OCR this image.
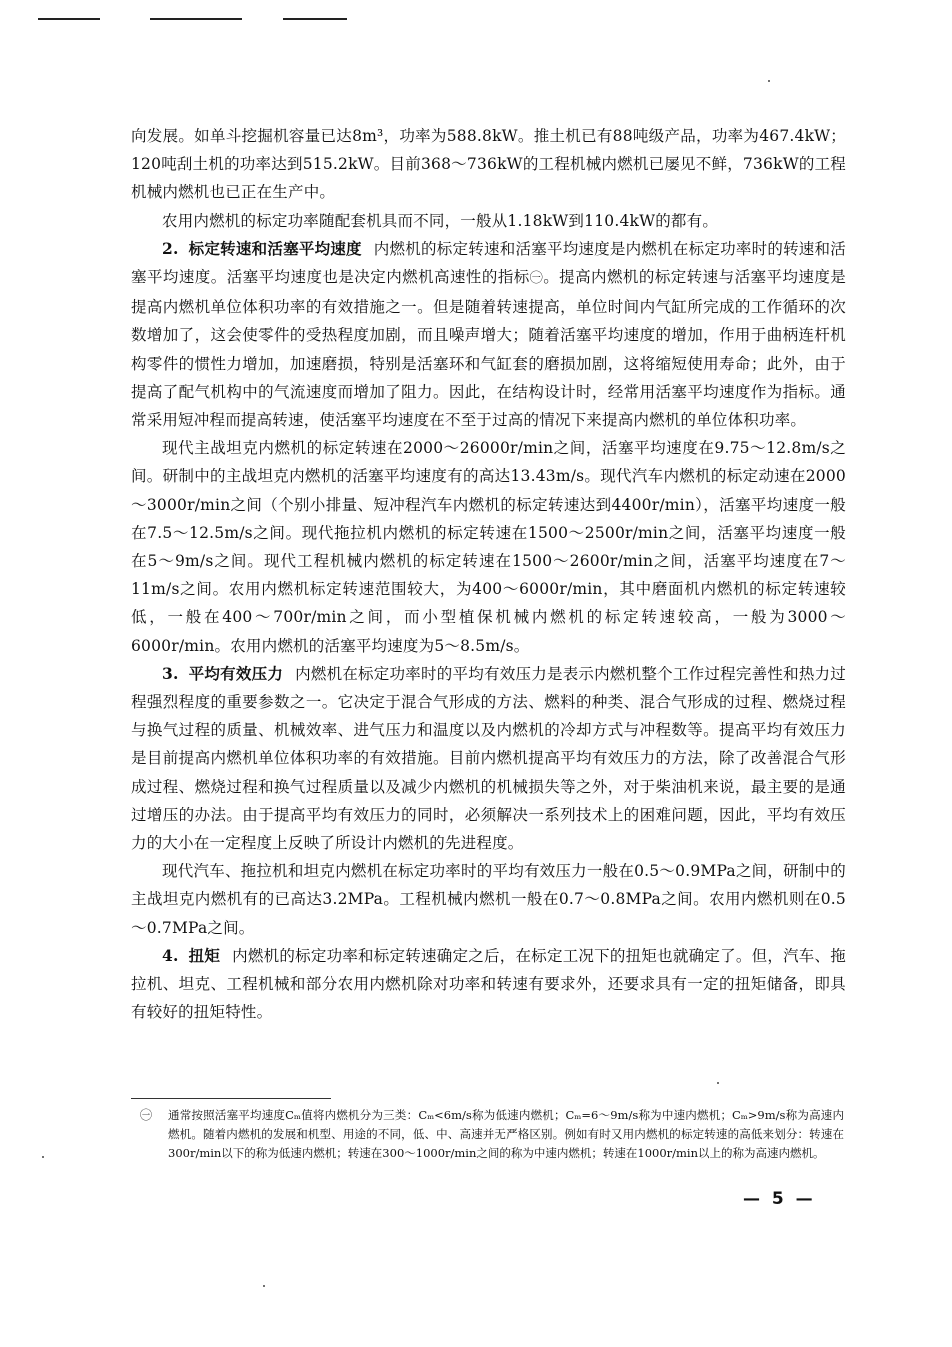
向发展。如单斗挖掘机容量已达8m³，功率为588.8kW。推土机已有88吨级产品，功率为467.4kW；120吨刮土机的功率达到515.2kW。目前368～736kW的工程机械内燃机已屡见不鲜，736kW的工程机械内燃机也已正在生产中。

农用内燃机的标定功率随配套机具而不同，一般从1.18kW到110.4kW的都有。

2. 标定转速和活塞平均速度 内燃机的标定转速和活塞平均速度是内燃机在标定功率时的转速和活塞平均速度。活塞平均速度也是决定内燃机高速性的指标㊀。提高内燃机的标定转速与活塞平均速度是提高内燃机单位体积功率的有效措施之一。但是随着转速提高，单位时间内气缸所完成的工作循环的次数增加了，这会使零件的受热程度加剧，而且噪声增大；随着活塞平均速度的增加，作用于曲柄连杆机构零件的惯性力增加，加速磨损，特别是活塞环和气缸套的磨损加剧，这将缩短使用寿命；此外，由于提高了配气机构中的气流速度而增加了阻力。因此，在结构设计时，经常用活塞平均速度作为指标。通常采用短冲程而提高转速，使活塞平均速度在不至于过高的情况下来提高内燃机的单位体积功率。

现代主战坦克内燃机的标定转速在2000～26000r/min之间，活塞平均速度在9.75～12.8m/s之间。研制中的主战坦克内燃机的活塞平均速度有的高达13.43m/s。现代汽车内燃机的标定动速在2000～3000r/min之间（个别小排量、短冲程汽车内燃机的标定转速达到4400r/min），活塞平均速度一般在7.5～12.5m/s之间。现代拖拉机内燃机的标定转速在1500～2500r/min之间，活塞平均速度一般在5～9m/s之间。现代工程机械内燃机的标定转速在1500～2600r/min之间，活塞平均速度在7～11m/s之间。农用内燃机标定转速范围较大，为400～6000r/min，其中磨面机内燃机的标定转速较低，一般在400～700r/min之间，而小型植保机械内燃机的标定转速较高，一般为3000～6000r/min。农用内燃机的活塞平均速度为5～8.5m/s。

3. 平均有效压力 内燃机在标定功率时的平均有效压力是表示内燃机整个工作过程完善性和热力过程强烈程度的重要参数之一。它决定于混合气形成的方法、燃料的种类、混合气形成的过程、燃烧过程与换气过程的质量、机械效率、进气压力和温度以及内燃机的冷却方式与冲程数等。提高平均有效压力是目前提高内燃机单位体积功率的有效措施。目前内燃机提高平均有效压力的方法，除了改善混合气形成过程、燃烧过程和换气过程质量以及减少内燃机的机械损失等之外，对于柴油机来说，最主要的是通过增压的办法。由于提高平均有效压力的同时，必须解决一系列技术上的困难问题，因此，平均有效压力的大小在一定程度上反映了所设计内燃机的先进程度。

现代汽车、拖拉机和坦克内燃机在标定功率时的平均有效压力一般在0.5～0.9MPa之间，研制中的主战坦克内燃机有的已高达3.2MPa。工程机械内燃机一般在0.7～0.8MPa之间。农用内燃机则在0.5～0.7MPa之间。

4. 扭矩 内燃机的标定功率和标定转速确定之后，在标定工况下的扭矩也就确定了。但，汽车、拖拉机、坦克、工程机械和部分农用内燃机除对功率和转速有要求外，还要求具有一定的扭矩储备，即具有较好的扭矩特性。

㊀ 通常按照活塞平均速度Cₘ值将内燃机分为三类：Cₘ<6m/s称为低速内燃机；Cₘ=6～9m/s称为中速内燃机；Cₘ>9m/s称为高速内燃机。随着内燃机的发展和机型、用途的不同，低、中、高速并无严格区别。例如有时又用内燃机的标定转速的高低来划分：转速在300r/min以下的称为低速内燃机；转速在300～1000r/min之间的称为中速内燃机；转速在1000r/min以上的称为高速内燃机。
— 5 —
